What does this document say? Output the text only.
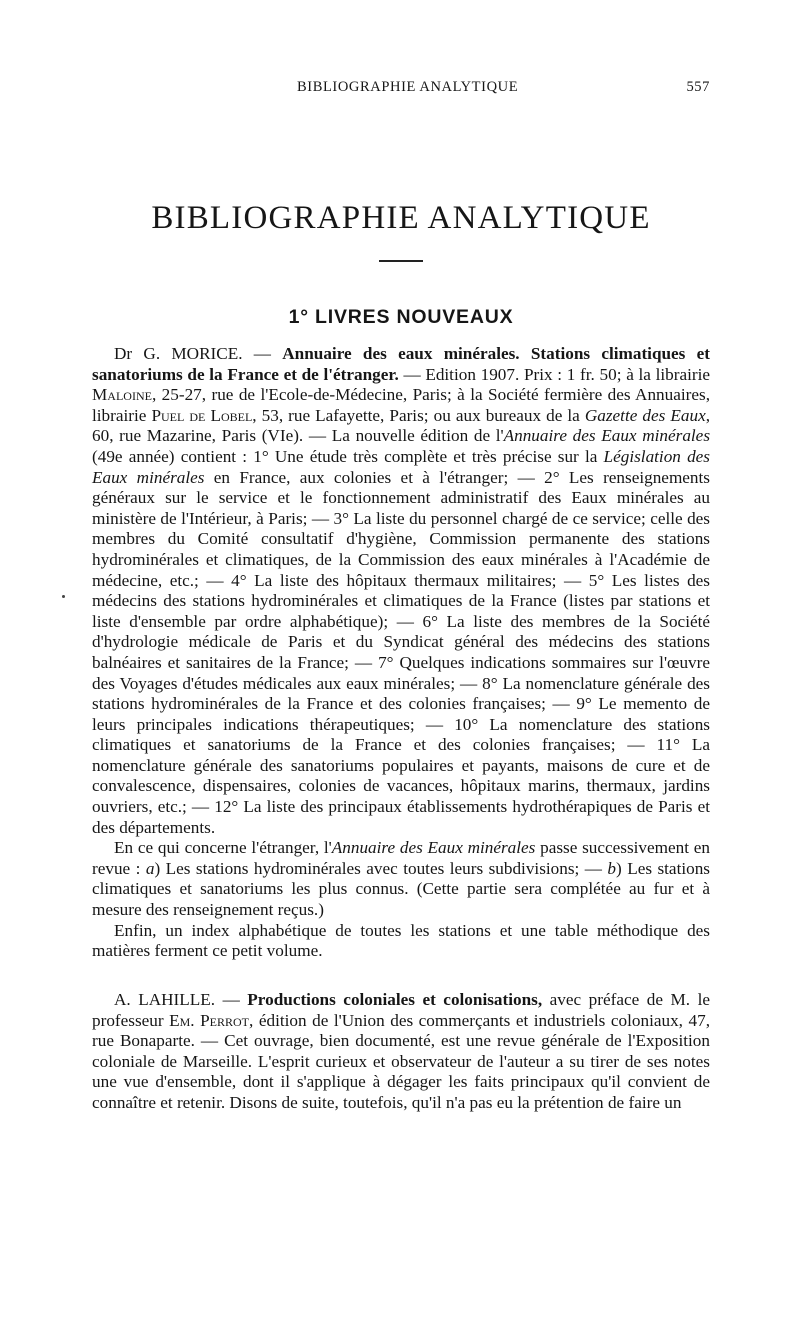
BIBLIOGRAPHIE ANALYTIQUE	557
BIBLIOGRAPHIE ANALYTIQUE
1° LIVRES NOUVEAUX

Dr G. MORICE. — Annuaire des eaux minérales. Stations climatiques et sanatoriums de la France et de l'étranger. — Edition 1907. Prix : 1 fr. 50; à la librairie Maloine, 25-27, rue de l'Ecole-de-Médecine, Paris; à la Société fermière des Annuaires, librairie Puel de Lobel, 53, rue Lafayette, Paris; ou aux bureaux de la Gazette des Eaux, 60, rue Mazarine, Paris (VIe). — La nouvelle édition de l'Annuaire des Eaux minérales (49e année) contient : 1° Une étude très complète et très précise sur la Législation des Eaux minérales en France, aux colonies et à l'étranger; — 2° Les renseignements généraux sur le service et le fonctionnement administratif des Eaux minérales au ministère de l'Intérieur, à Paris; — 3° La liste du personnel chargé de ce service; celle des membres du Comité consultatif d'hygiène, Commission permanente des stations hydrominérales et climatiques, de la Commission des eaux minérales à l'Académie de médecine, etc.; — 4° La liste des hôpitaux thermaux militaires; — 5° Les listes des médecins des stations hydrominérales et climatiques de la France (listes par stations et liste d'ensemble par ordre alphabétique); — 6° La liste des membres de la Société d'hydrologie médicale de Paris et du Syndicat général des médecins des stations balnéaires et sanitaires de la France; — 7° Quelques indications sommaires sur l'œuvre des Voyages d'études médicales aux eaux minérales; — 8° La nomenclature générale des stations hydrominérales de la France et des colonies françaises; — 9° Le memento de leurs principales indications thérapeutiques; — 10° La nomenclature des stations climatiques et sanatoriums de la France et des colonies françaises; — 11° La nomenclature générale des sanatoriums populaires et payants, maisons de cure et de convalescence, dispensaires, colonies de vacances, hôpitaux marins, thermaux, jardins ouvriers, etc.; — 12° La liste des principaux établissements hydrothérapiques de Paris et des départements.

En ce qui concerne l'étranger, l'Annuaire des Eaux minérales passe successivement en revue : a) Les stations hydrominérales avec toutes leurs subdivisions; — b) Les stations climatiques et sanatoriums les plus connus. (Cette partie sera complétée au fur et à mesure des renseignement reçus.)

Enfin, un index alphabétique de toutes les stations et une table méthodique des matières ferment ce petit volume.

A. LAHILLE. — Productions coloniales et colonisations, avec préface de M. le professeur Em. Perrot, édition de l'Union des commerçants et industriels coloniaux, 47, rue Bonaparte. — Cet ouvrage, bien documenté, est une revue générale de l'Exposition coloniale de Marseille. L'esprit curieux et observateur de l'auteur a su tirer de ses notes une vue d'ensemble, dont il s'applique à dégager les faits principaux qu'il convient de connaître et retenir. Disons de suite, toutefois, qu'il n'a pas eu la prétention de faire un
